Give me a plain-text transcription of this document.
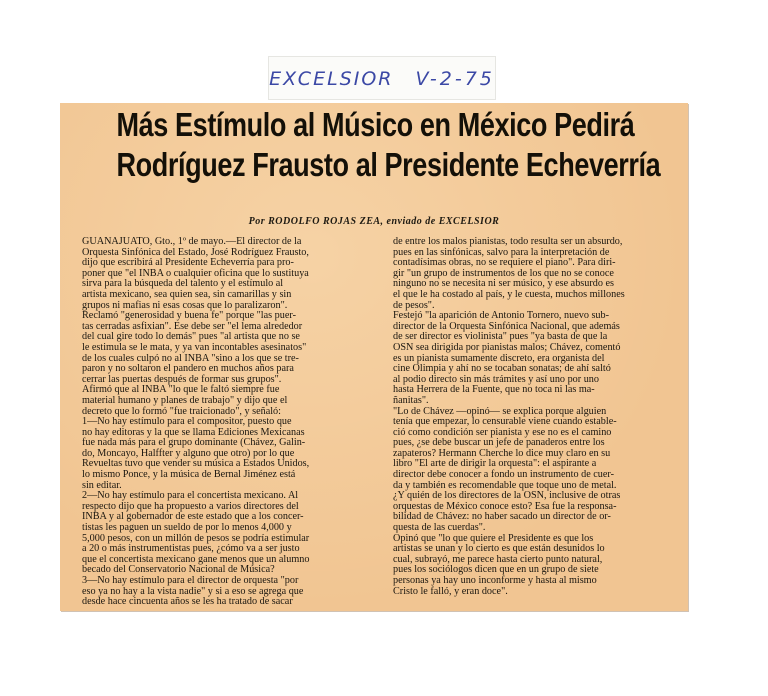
EXCELSIOR V-2-75
Más Estímulo al Músico en México Pedirá
Rodríguez Frausto al Presidente Echeverría
Por RODOLFO ROJAS ZEA, enviado de EXCELSIOR
GUANAJUATO, Gto., 1º de mayo.—El director de la
Orquesta Sinfónica del Estado, José Rodríguez Frausto,
dijo que escribirá al Presidente Echeverría para pro-
poner que "el INBA o cualquier oficina que lo sustituya
sirva para la búsqueda del talento y el estímulo al
artista mexicano, sea quien sea, sin camarillas y sin
grupos ni mafias ni esas cosas que lo paralizaron".
Reclamó "generosidad y buena fe" porque "las puer-
tas cerradas asfixian". Ese debe ser "el lema alrededor
del cual gire todo lo demás" pues "al artista que no se
le estimula se le mata, y ya van incontables asesinatos"
de los cuales culpó no al INBA "sino a los que se tre-
paron y no soltaron el pandero en muchos años para
cerrar las puertas después de formar sus grupos".
Afirmó que al INBA "lo que le faltó siempre fue
material humano y planes de trabajo" y dijo que el
decreto que lo formó "fue traicionado", y señaló:
1—No hay estímulo para el compositor, puesto que
no hay editoras y la que se llama Ediciones Mexicanas
fue nada más para el grupo dominante (Chávez, Galin-
do, Moncayo, Halffter y alguno que otro) por lo que
Revueltas tuvo que vender su música a Estados Unidos,
lo mismo Ponce, y la música de Bernal Jiménez está
sin editar.
2—No hay estímulo para el concertista mexicano. Al
respecto dijo que ha propuesto a varios directores del
INBA y al gobernador de este estado que a los concer-
tistas les paguen un sueldo de por lo menos 4,000 y
5,000 pesos, con un millón de pesos se podría estimular
a 20 o más instrumentistas pues, ¿cómo va a ser justo
que el concertista mexicano gane menos que un alumno
becado del Conservatorio Nacional de Música?
3—No hay estímulo para el director de orquesta "por
eso ya no hay a la vista nadie" y si a eso se agrega que
desde hace cincuenta años se les ha tratado de sacar
de entre los malos pianistas, todo resulta ser un absurdo,
pues en las sinfónicas, salvo para la interpretación de
contadísimas obras, no se requiere el piano". Para diri-
gir "un grupo de instrumentos de los que no se conoce
ninguno no se necesita ni ser músico, y ese absurdo es
el que le ha costado al país, y le cuesta, muchos millones
de pesos".
Festejó "la aparición de Antonio Tornero, nuevo sub-
director de la Orquesta Sinfónica Nacional, que además
de ser director es violinista" pues "ya basta de que la
OSN sea dirigida por pianistas malos; Chávez, comentó
es un pianista sumamente discreto, era organista del
cine Olimpia y ahí no se tocaban sonatas; de ahí saltó
al podio directo sin más trámites y así uno por uno
hasta Herrera de la Fuente, que no toca ni las ma-
ñanitas".
"Lo de Chávez —opinó— se explica porque alguien
tenía que empezar, lo censurable viene cuando estable-
ció como condición ser pianista y ese no es el camino
pues, ¿se debe buscar un jefe de panaderos entre los
zapateros? Hermann Cherche lo dice muy claro en su
libro "El arte de dirigir la orquesta": el aspirante a
director debe conocer a fondo un instrumento de cuer-
da y también es recomendable que toque uno de metal.
¿Y quién de los directores de la OSN, inclusive de otras
orquestas de México conoce esto? Esa fue la responsa-
bilidad de Chávez: no haber sacado un director de or-
questa de las cuerdas".
Opinó que "lo que quiere el Presidente es que los
artistas se unan y lo cierto es que están desunidos lo
cual, subrayó, me parece hasta cierto punto natural,
pues los sociólogos dicen que en un grupo de siete
personas ya hay uno inconforme y hasta al mismo
Cristo le falló, y eran doce".
